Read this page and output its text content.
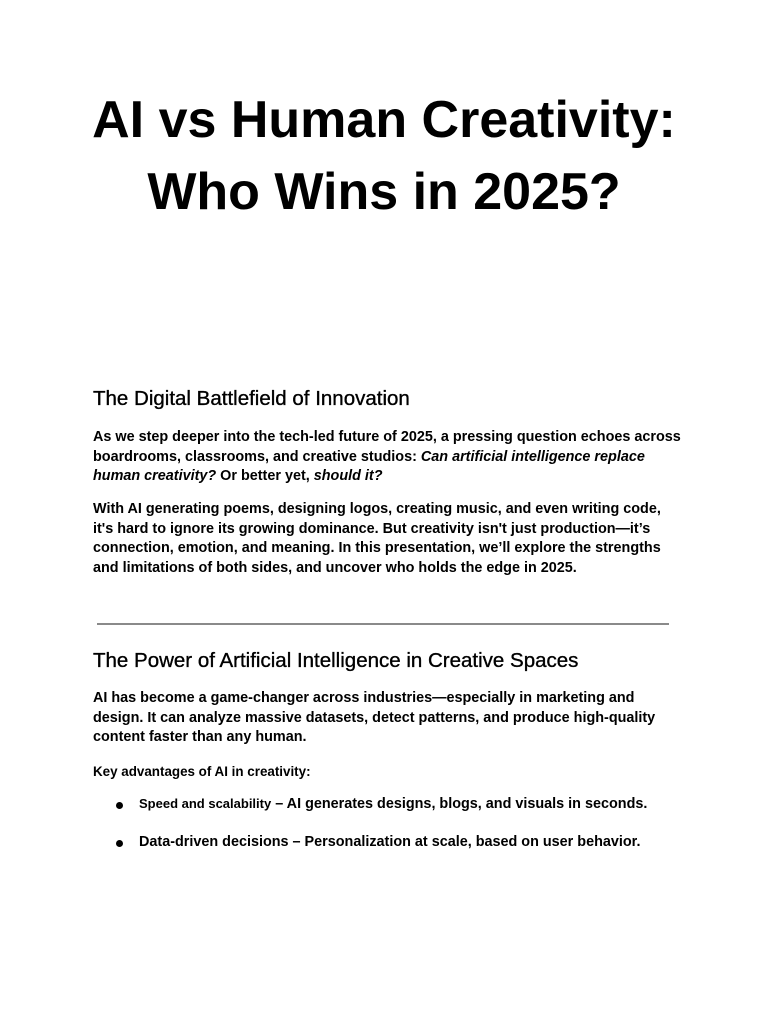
AI vs Human Creativity: Who Wins in 2025?
The Digital Battlefield of Innovation

As we step deeper into the tech-led future of 2025, a pressing question echoes across boardrooms, classrooms, and creative studios: Can artificial intelligence replace human creativity? Or better yet, should it?

With AI generating poems, designing logos, creating music, and even writing code, it's hard to ignore its growing dominance. But creativity isn't just production—it’s connection, emotion, and meaning. In this presentation, we’ll explore the strengths and limitations of both sides, and uncover who holds the edge in 2025.

The Power of Artificial Intelligence in Creative Spaces

AI has become a game-changer across industries—especially in marketing and design. It can analyze massive datasets, detect patterns, and produce high-quality content faster than any human.

Key advantages of AI in creativity:

Speed and scalability – AI generates designs, blogs, and visuals in seconds.
Data-driven decisions – Personalization at scale, based on user behavior.
